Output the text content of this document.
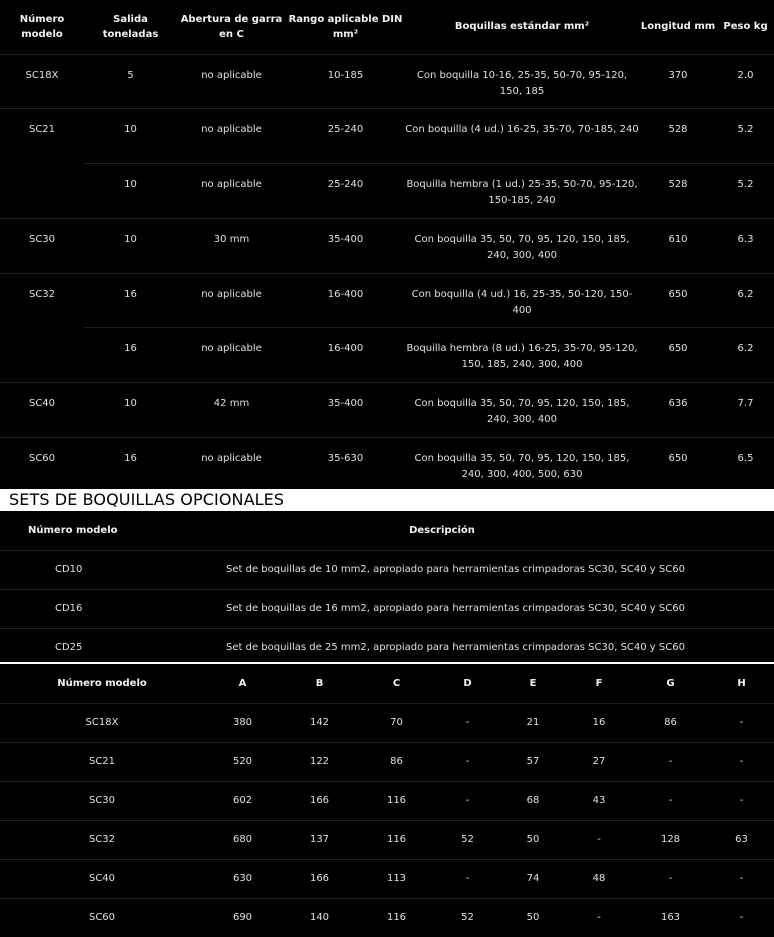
Número modelo	Salida toneladas	Abertura de garra en C	Rango aplicable DIN mm²	Boquillas estándar mm²	Longitud mm	Peso kg
SC18X	5	no aplicable	10-185	Con boquilla 10-16, 25-35, 50-70, 95-120, 150, 185	370	2.0
SC21	10	no aplicable	25-240	Con boquilla (4 ud.) 16-25, 35-70, 70-185, 240	528	5.2
	10	no aplicable	25-240	Boquilla hembra (1 ud.) 25-35, 50-70, 95-120, 150-185, 240	528	5.2
SC30	10	30 mm	35-400	Con boquilla 35, 50, 70, 95, 120, 150, 185, 240, 300, 400	610	6.3
SC32	16	no aplicable	16-400	Con boquilla (4 ud.) 16, 25-35, 50-120, 150-400	650	6.2
	16	no aplicable	16-400	Boquilla hembra (8 ud.) 16-25, 35-70, 95-120, 150, 185, 240, 300, 400	650	6.2
SC40	10	42 mm	35-400	Con boquilla 35, 50, 70, 95, 120, 150, 185, 240, 300, 400	636	7.7
SC60	16	no aplicable	35-630	Con boquilla 35, 50, 70, 95, 120, 150, 185, 240, 300, 400, 500, 630	650	6.5
SETS DE BOQUILLAS OPCIONALES
Número modelo	Descripción
CD10	Set de boquillas de 10 mm2, apropiado para herramientas crimpadoras SC30, SC40 y SC60
CD16	Set de boquillas de 16 mm2, apropiado para herramientas crimpadoras SC30, SC40 y SC60
CD25	Set de boquillas de 25 mm2, apropiado para herramientas crimpadoras SC30, SC40 y SC60
Número modelo	A	B	C	D	E	F	G	H
SC18X	380	142	70	-	21	16	86	-
SC21	520	122	86	-	57	27	-	-
SC30	602	166	116	-	68	43	-	-
SC32	680	137	116	52	50	-	128	63
SC40	630	166	113	-	74	48	-	-
SC60	690	140	116	52	50	-	163	-
